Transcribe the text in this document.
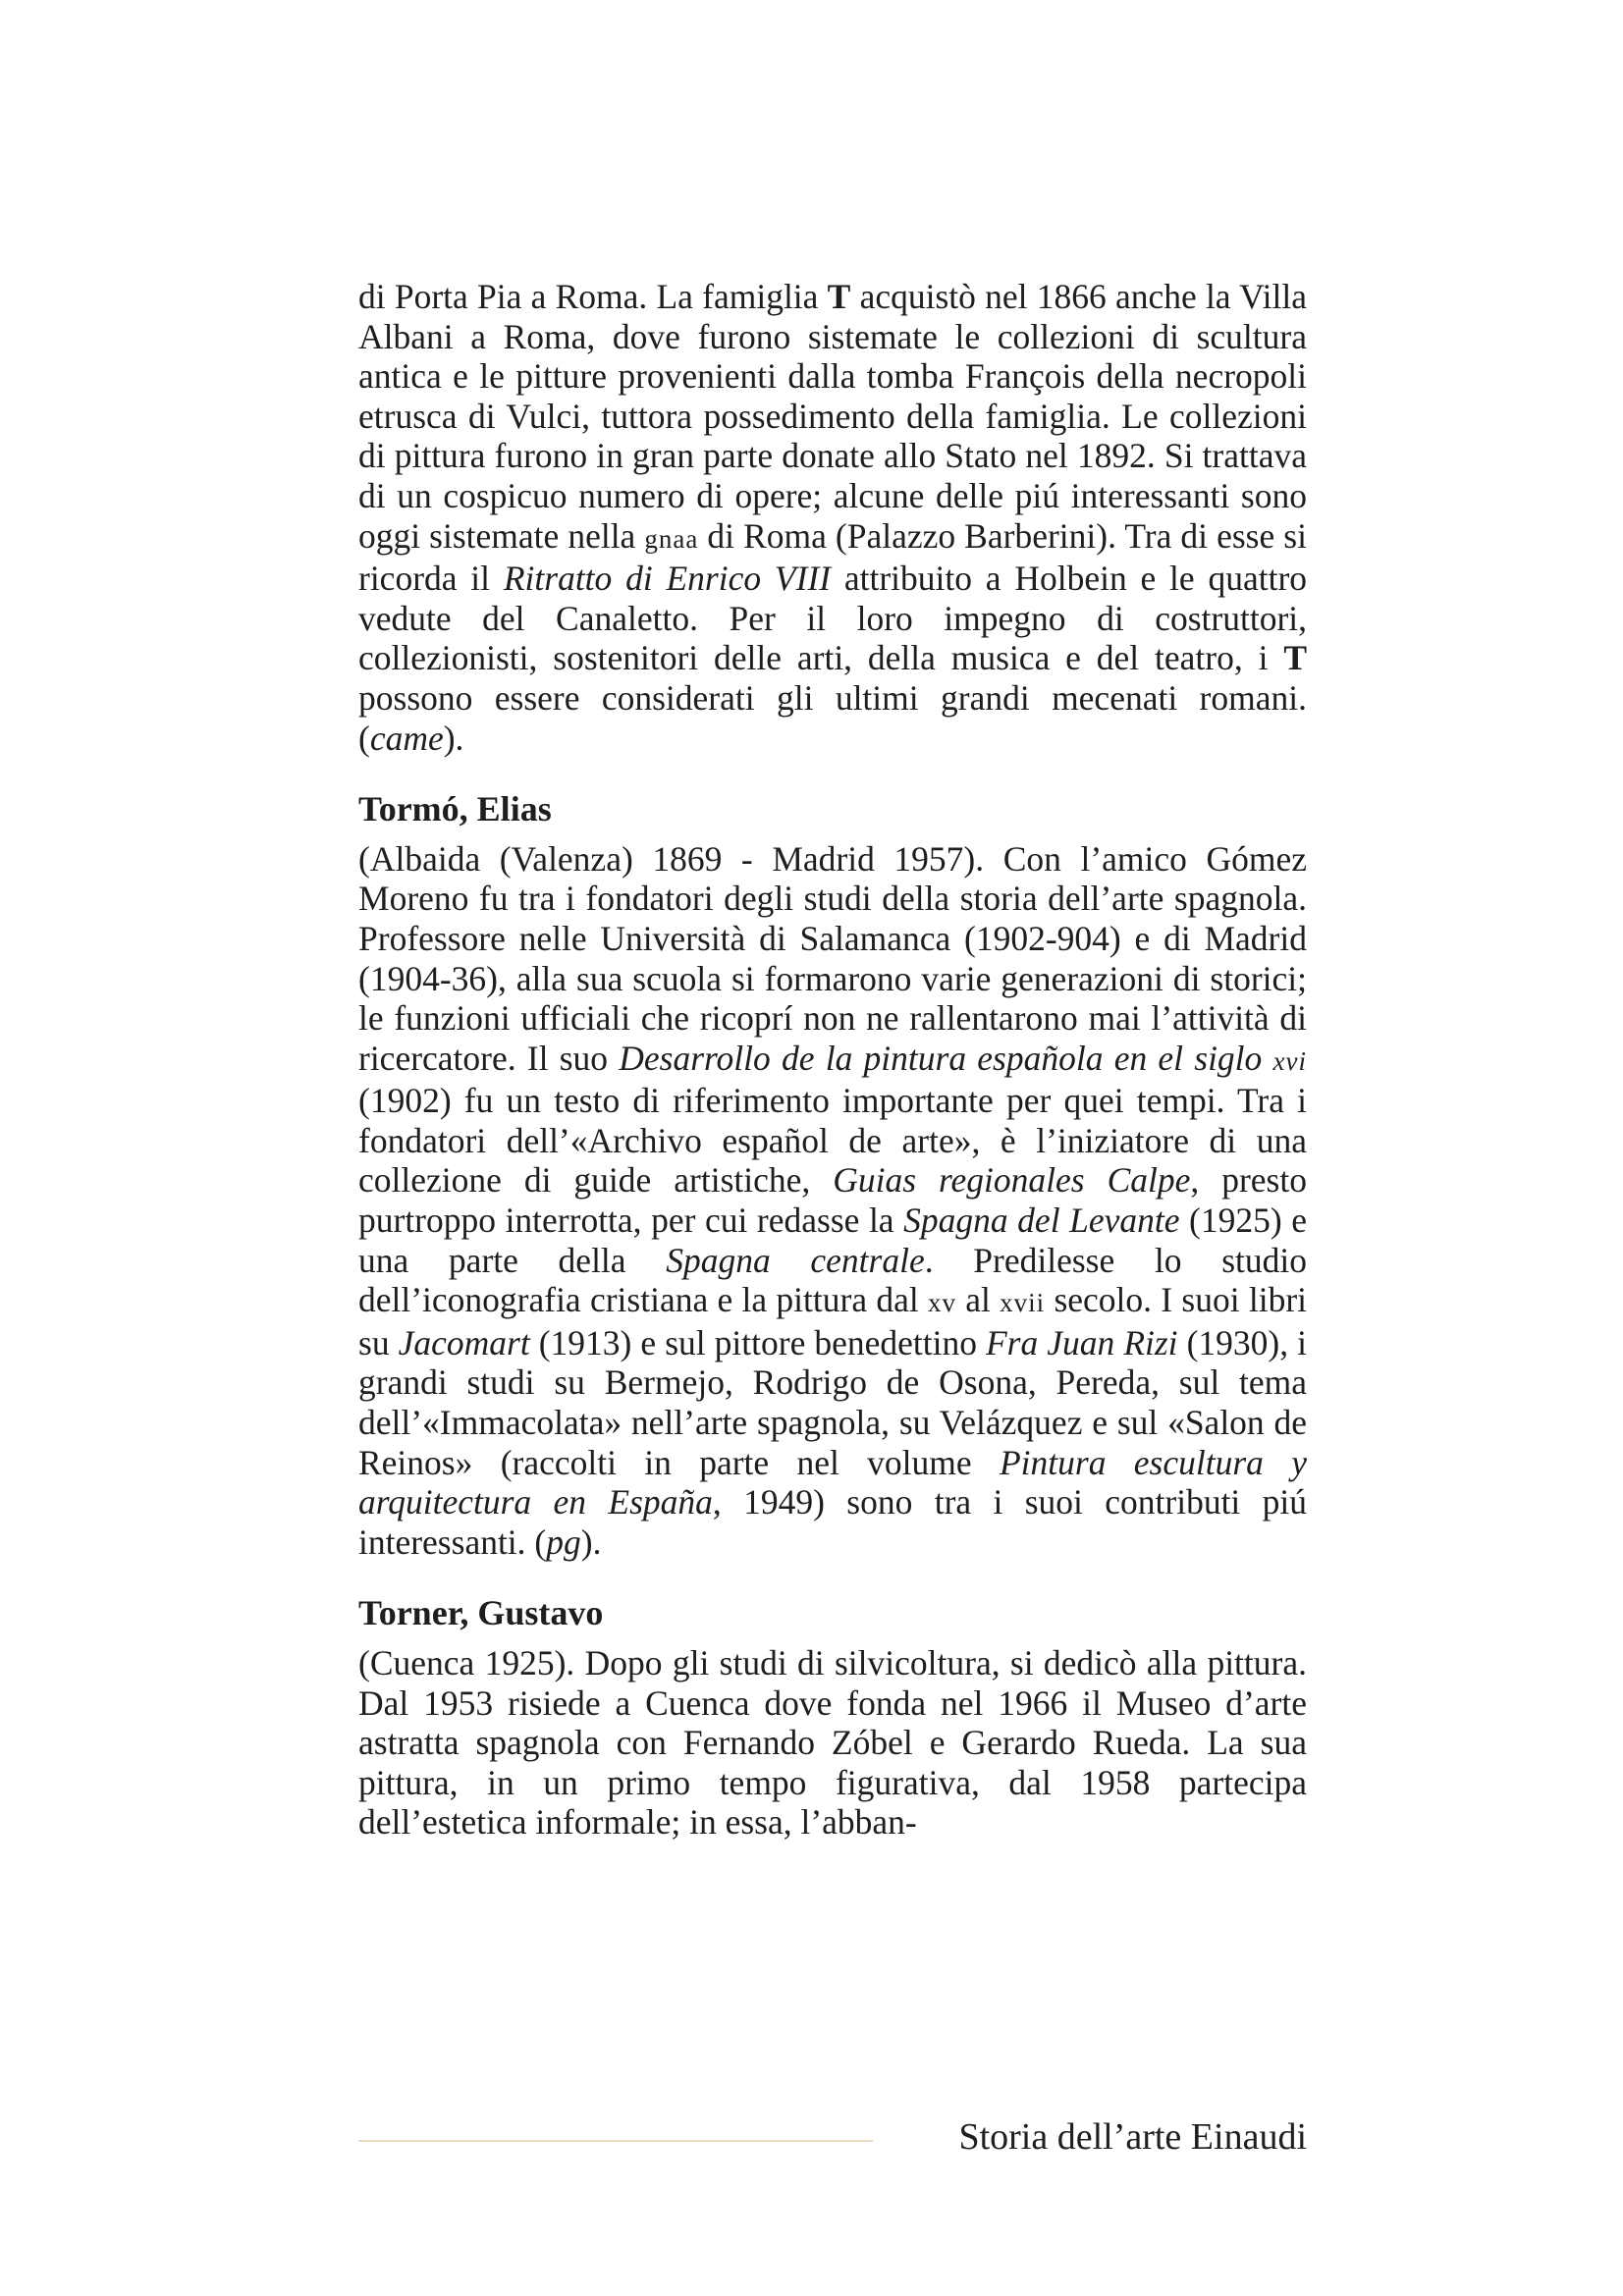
di Porta Pia a Roma. La famiglia T acquistò nel 1866 anche la Villa Albani a Roma, dove furono sistemate le collezioni di scultura antica e le pitture provenienti dalla tomba François della necropoli etrusca di Vulci, tuttora possedimento della famiglia. Le collezioni di pittura furono in gran parte donate allo Stato nel 1892. Si trattava di un cospicuo numero di opere; alcune delle piú interessanti sono oggi sistemate nella gnaa di Roma (Palazzo Barberini). Tra di esse si ricorda il Ritratto di Enrico VIII attribuito a Holbein e le quattro vedute del Canaletto. Per il loro impegno di costruttori, collezionisti, sostenitori delle arti, della musica e del teatro, i T possono essere considerati gli ultimi grandi mecenati romani. (came).

Tormó, Elias

(Albaida (Valenza) 1869 - Madrid 1957). Con l’amico Gómez Moreno fu tra i fondatori degli studi della storia dell’arte spagnola. Professore nelle Università di Salamanca (1902-904) e di Madrid (1904-36), alla sua scuola si formarono varie generazioni di storici; le funzioni ufficiali che ricoprí non ne rallentarono mai l’attività di ricercatore. Il suo Desarrollo de la pintura española en el siglo xvi (1902) fu un testo di riferimento importante per quei tempi. Tra i fondatori dell’«Archivo español de arte», è l’iniziatore di una collezione di guide artistiche, Guias regionales Calpe, presto purtroppo interrotta, per cui redasse la Spagna del Levante (1925) e una parte della Spagna centrale. Predilesse lo studio dell’iconografia cristiana e la pittura dal xv al xvii secolo. I suoi libri su Jacomart (1913) e sul pittore benedettino Fra Juan Rizi (1930), i grandi studi su Bermejo, Rodrigo de Osona, Pereda, sul tema dell’«Immacolata» nell’arte spagnola, su Velázquez e sul «Salon de Reinos» (raccolti in parte nel volume Pintura escultura y arquitectura en España, 1949) sono tra i suoi contributi piú interessanti. (pg).

Torner, Gustavo

(Cuenca 1925). Dopo gli studi di silvicoltura, si dedicò alla pittura. Dal 1953 risiede a Cuenca dove fonda nel 1966 il Museo d’arte astratta spagnola con Fernando Zóbel e Gerardo Rueda. La sua pittura, in un primo tempo figurativa, dal 1958 partecipa dell’estetica informale; in essa, l’abban-

Storia dell’arte Einaudi
